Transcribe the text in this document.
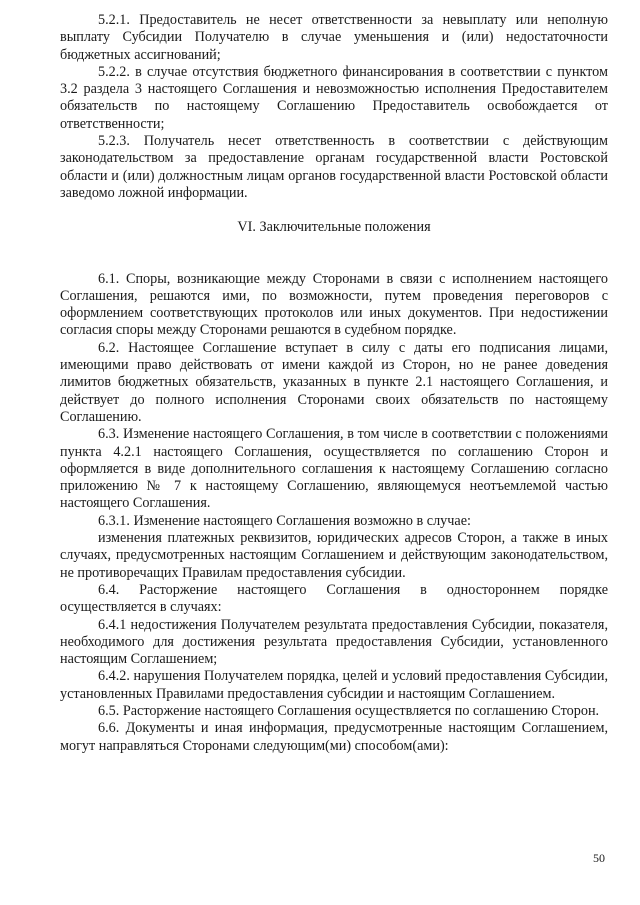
5.2.1. Предоставитель не несет ответственности за невыплату или неполную выплату Субсидии Получателю в случае уменьшения и (или) недостаточности бюджетных ассигнований;

5.2.2. в случае отсутствия бюджетного финансирования в соответствии с пунктом 3.2 раздела 3 настоящего Соглашения и невозможностью исполнения Предоставителем обязательств по настоящему Соглашению Предоставитель освобождается от ответственности;

5.2.3. Получатель несет ответственность в соответствии с действующим законодательством за предоставление органам государственной власти Ростовской области и (или) должностным лицам органов государственной власти Ростовской области заведомо ложной информации.

VI. Заключительные положения

6.1. Споры, возникающие между Сторонами в связи с исполнением настоящего Соглашения, решаются ими, по возможности, путем проведения переговоров с оформлением соответствующих протоколов или иных документов. При недостижении согласия споры между Сторонами решаются в судебном порядке.

6.2. Настоящее Соглашение вступает в силу с даты его подписания лицами, имеющими право действовать от имени каждой из Сторон, но не ранее доведения лимитов бюджетных обязательств, указанных в пункте 2.1 настоящего Соглашения, и действует до полного исполнения Сторонами своих обязательств по настоящему Соглашению.

6.3. Изменение настоящего Соглашения, в том числе в соответствии с положениями пункта 4.2.1 настоящего Соглашения, осуществляется по соглашению Сторон и оформляется в виде дополнительного соглашения к настоящему Соглашению согласно приложению № 7 к настоящему Соглашению, являющемуся неотъемлемой частью настоящего Соглашения.

6.3.1. Изменение настоящего Соглашения возможно в случае:

изменения платежных реквизитов, юридических адресов Сторон, а также в иных случаях, предусмотренных настоящим Соглашением и действующим законодательством, не противоречащих Правилам предоставления субсидии.

6.4. Расторжение настоящего Соглашения в одностороннем порядке осуществляется в случаях:

6.4.1 недостижения Получателем результата предоставления Субсидии, показателя, необходимого для достижения результата предоставления Субсидии, установленного настоящим Соглашением;

6.4.2. нарушения Получателем порядка, целей и условий предоставления Субсидии, установленных Правилами предоставления субсидии и настоящим Соглашением.

6.5. Расторжение настоящего Соглашения осуществляется по соглашению Сторон.

6.6. Документы и иная информация, предусмотренные настоящим Соглашением, могут направляться Сторонами следующим(ми) способом(ами):

50
